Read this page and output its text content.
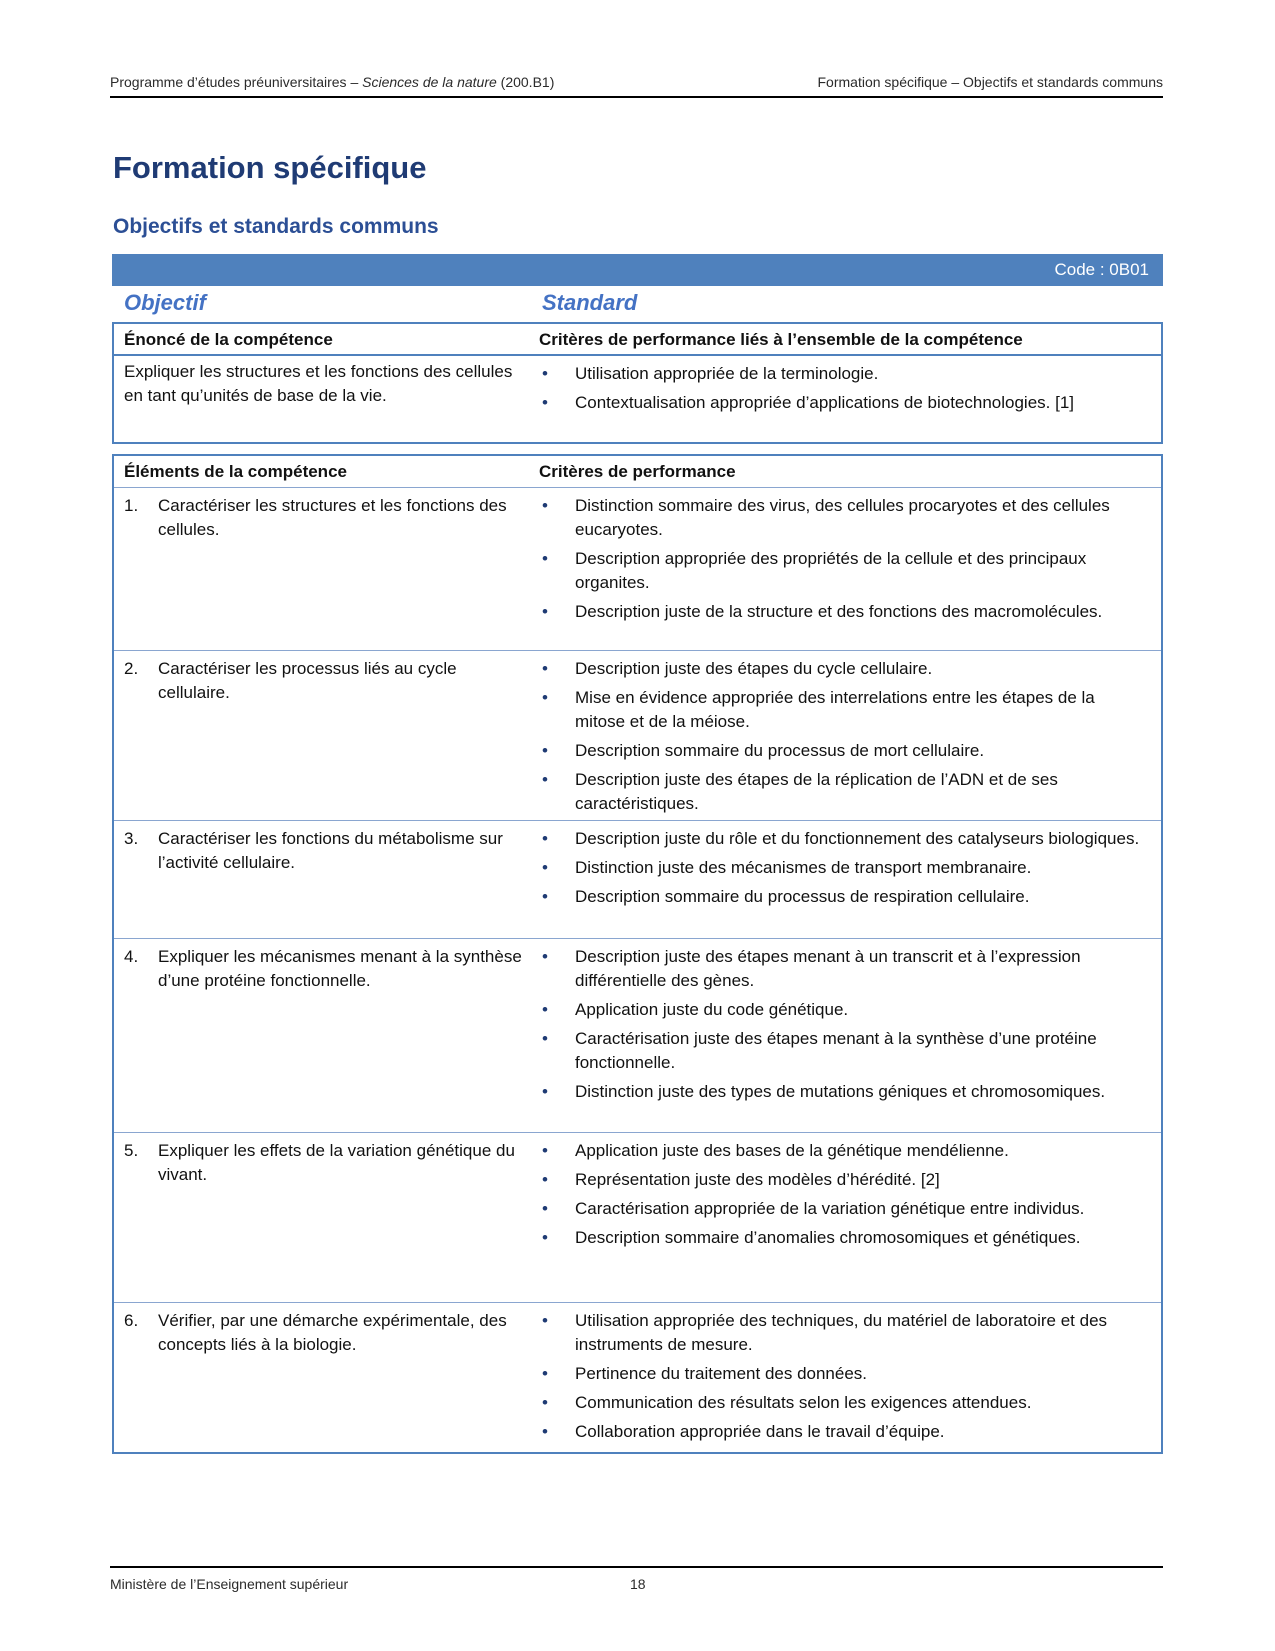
Programme d’études préuniversitaires – Sciences de la nature (200.B1)	Formation spécifique – Objectifs et standards communs
Formation spécifique
Objectifs et standards communs
Code : 0B01
Objectif	Standard
Énoncé de la compétence	Critères de performance liés à l’ensemble de la compétence
Expliquer les structures et les fonctions des cellules en tant qu’unités de base de la vie.
• Utilisation appropriée de la terminologie.
• Contextualisation appropriée d’applications de biotechnologies. [1]
Éléments de la compétence	Critères de performance
1. Caractériser les structures et les fonctions des cellules.
• Distinction sommaire des virus, des cellules procaryotes et des cellules eucaryotes.
• Description appropriée des propriétés de la cellule et des principaux organites.
• Description juste de la structure et des fonctions des macromolécules.
2. Caractériser les processus liés au cycle cellulaire.
• Description juste des étapes du cycle cellulaire.
• Mise en évidence appropriée des interrelations entre les étapes de la mitose et de la méiose.
• Description sommaire du processus de mort cellulaire.
• Description juste des étapes de la réplication de l’ADN et de ses caractéristiques.
3. Caractériser les fonctions du métabolisme sur l’activité cellulaire.
• Description juste du rôle et du fonctionnement des catalyseurs biologiques.
• Distinction juste des mécanismes de transport membranaire.
• Description sommaire du processus de respiration cellulaire.
4. Expliquer les mécanismes menant à la synthèse d’une protéine fonctionnelle.
• Description juste des étapes menant à un transcrit et à l’expression différentielle des gènes.
• Application juste du code génétique.
• Caractérisation juste des étapes menant à la synthèse d’une protéine fonctionnelle.
• Distinction juste des types de mutations géniques et chromosomiques.
5. Expliquer les effets de la variation génétique du vivant.
• Application juste des bases de la génétique mendélienne.
• Représentation juste des modèles d’hérédité. [2]
• Caractérisation appropriée de la variation génétique entre individus.
• Description sommaire d’anomalies chromosomiques et génétiques.
6. Vérifier, par une démarche expérimentale, des concepts liés à la biologie.
• Utilisation appropriée des techniques, du matériel de laboratoire et des instruments de mesure.
• Pertinence du traitement des données.
• Communication des résultats selon les exigences attendues.
• Collaboration appropriée dans le travail d’équipe.
Ministère de l’Enseignement supérieur	18
